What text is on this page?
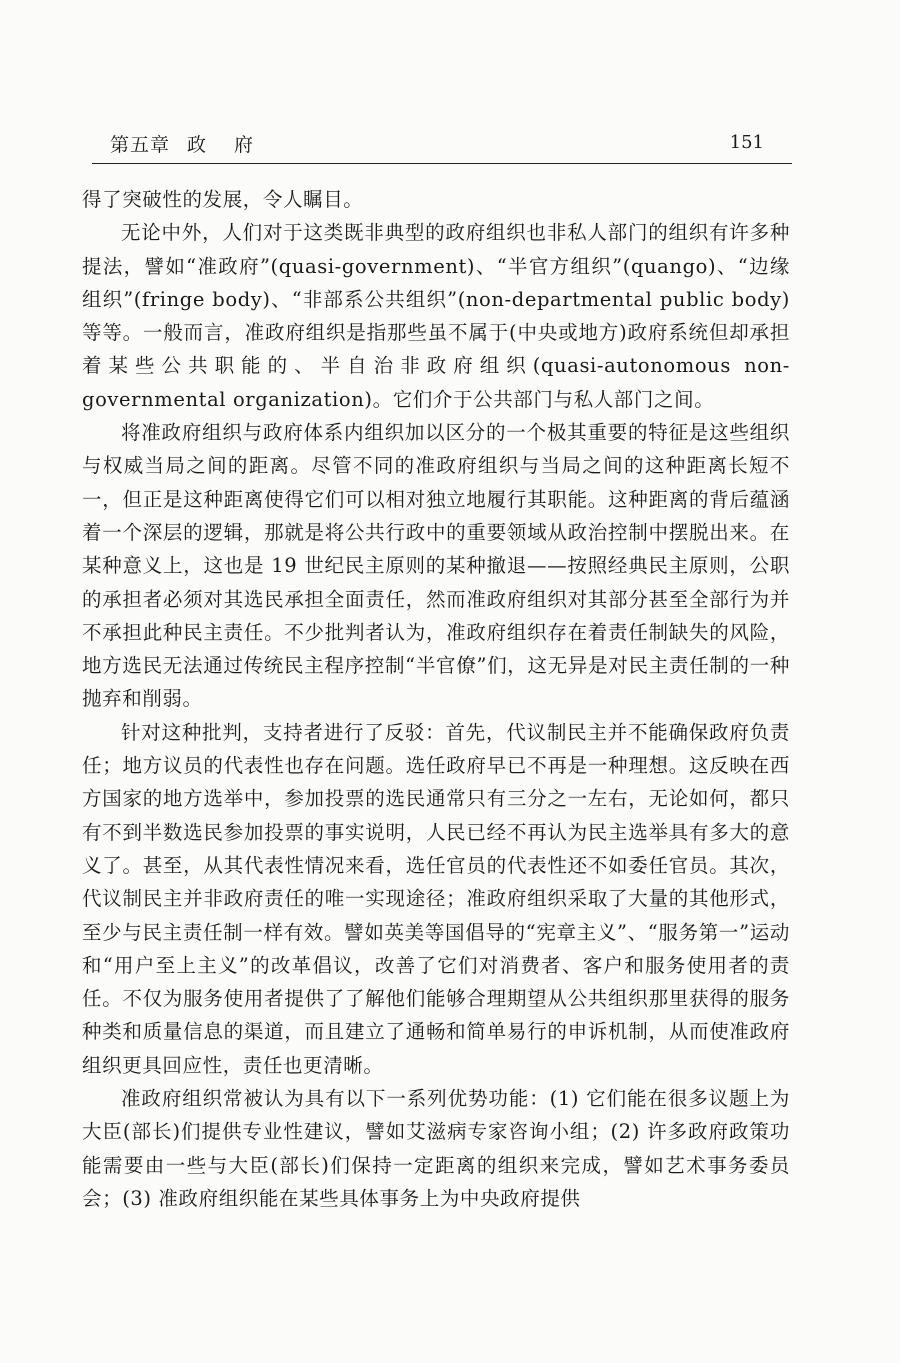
第五章 政府	151

得了突破性的发展，令人瞩目。

无论中外，人们对于这类既非典型的政府组织也非私人部门的组织有许多种提法，譬如“准政府”(quasi-government)、“半官方组织”(quango)、“边缘组织”(fringe body)、“非部系公共组织”(non-departmental public body)等等。一般而言，准政府组织是指那些虽不属于(中央或地方)政府系统但却承担着某些公共职能的、半自治非政府组织(quasi-autonomous non-governmental organization)。它们介于公共部门与私人部门之间。

将准政府组织与政府体系内组织加以区分的一个极其重要的特征是这些组织与权威当局之间的距离。尽管不同的准政府组织与当局之间的这种距离长短不一，但正是这种距离使得它们可以相对独立地履行其职能。这种距离的背后蕴涵着一个深层的逻辑，那就是将公共行政中的重要领域从政治控制中摆脱出来。在某种意义上，这也是 19 世纪民主原则的某种撤退——按照经典民主原则，公职的承担者必须对其选民承担全面责任，然而准政府组织对其部分甚至全部行为并不承担此种民主责任。不少批判者认为，准政府组织存在着责任制缺失的风险，地方选民无法通过传统民主程序控制“半官僚”们，这无异是对民主责任制的一种抛弃和削弱。

针对这种批判，支持者进行了反驳：首先，代议制民主并不能确保政府负责任；地方议员的代表性也存在问题。选任政府早已不再是一种理想。这反映在西方国家的地方选举中，参加投票的选民通常只有三分之一左右，无论如何，都只有不到半数选民参加投票的事实说明，人民已经不再认为民主选举具有多大的意义了。甚至，从其代表性情况来看，选任官员的代表性还不如委任官员。其次，代议制民主并非政府责任的唯一实现途径；准政府组织采取了大量的其他形式，至少与民主责任制一样有效。譬如英美等国倡导的“宪章主义”、“服务第一”运动和“用户至上主义”的改革倡议，改善了它们对消费者、客户和服务使用者的责任。不仅为服务使用者提供了了解他们能够合理期望从公共组织那里获得的服务种类和质量信息的渠道，而且建立了通畅和简单易行的申诉机制，从而使准政府组织更具回应性，责任也更清晰。

准政府组织常被认为具有以下一系列优势功能：(1) 它们能在很多议题上为大臣(部长)们提供专业性建议，譬如艾滋病专家咨询小组；(2) 许多政府政策功能需要由一些与大臣(部长)们保持一定距离的组织来完成，譬如艺术事务委员会；(3) 准政府组织能在某些具体事务上为中央政府提供
